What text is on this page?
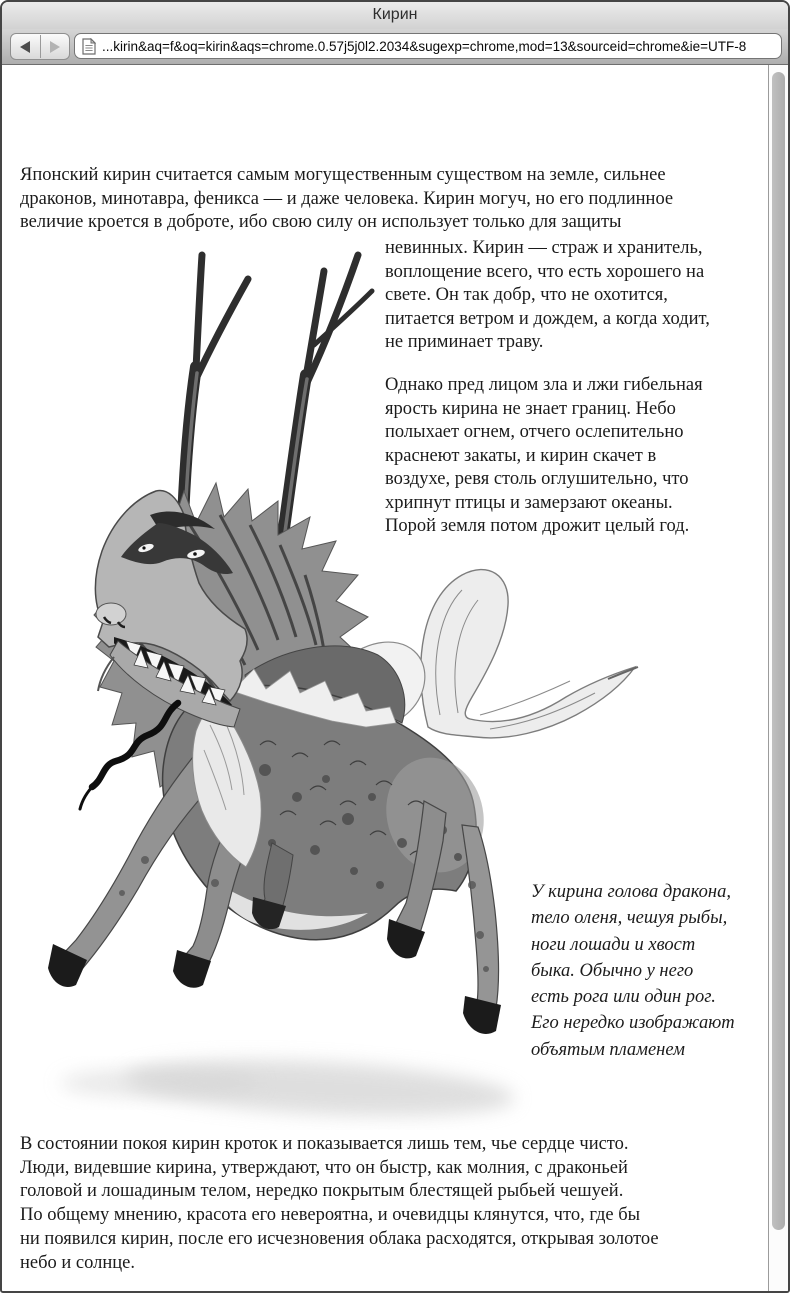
Кирин
...kirin&aq=f&oq=kirin&aqs=chrome.0.57j5j0l2.2034&sugexp=chrome,mod=13&sourceid=chrome&ie=UTF-8
Японский кирин считается самым могущественным существом на земле, сильнее
драконов, минотавра, феникса — и даже человека. Кирин могуч, но его подлинное
величие кроется в доброте, ибо свою силу он использует только для защиты
невинных. Кирин — страж и хранитель,
воплощение всего, что есть хорошего на
свете. Он так добр, что не охотится,
питается ветром и дождем, а когда ходит,
не приминает траву.
Однако пред лицом зла и лжи гибельная
ярость кирина не знает границ. Небо
полыхает огнем, отчего ослепительно
краснеют закаты, и кирин скачет в
воздухе, ревя столь оглушительно, что
хрипнут птицы и замерзают океаны.
Порой земля потом дрожит целый год.
У кирина голова дракона,
тело оленя, чешуя рыбы,
ноги лошади и хвост
быка. Обычно у него
есть рога или один рог.
Его нередко изображают
объятым пламенем
В состоянии покоя кирин кроток и показывается лишь тем, чье сердце чисто.
Люди, видевшие кирина, утверждают, что он быстр, как молния, с драконьей
головой и лошадиным телом, нередко покрытым блестящей рыбьей чешуей.
По общему мнению, красота его невероятна, и очевидцы клянутся, что, где бы
ни появился кирин, после его исчезновения облака расходятся, открывая золотое
небо и солнце.
